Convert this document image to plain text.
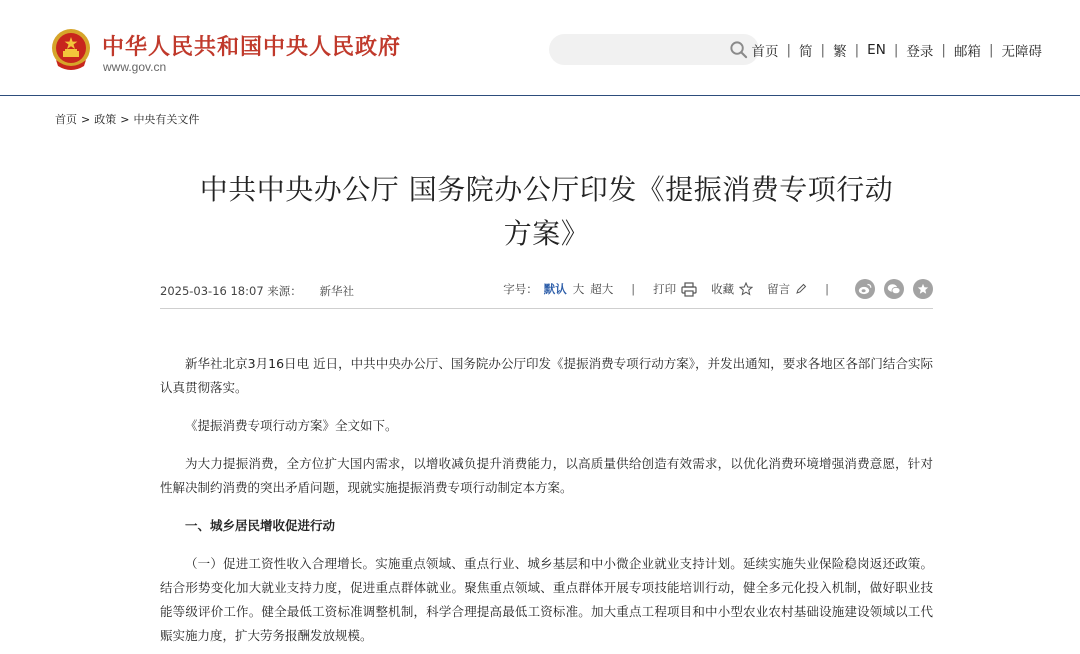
中华人民共和国中央人民政府
www.gov.cn
首页 | 简 | 繁 | EN | 登录 | 邮箱 | 无障碍
首页 > 政策 > 中央有关文件
中共中央办公厅 国务院办公厅印发《提振消费专项行动
方案》
2025-03-16 18:07 来源： 新华社	字号： 默认 大 超大 | 打印	收藏	留言	|

新华社北京3月16日电 近日，中共中央办公厅、国务院办公厅印发《提振消费专项行动方案》，并发出通知，要求各地区各部门结合实际认真贯彻落实。

《提振消费专项行动方案》全文如下。

为大力提振消费，全方位扩大国内需求，以增收减负提升消费能力，以高质量供给创造有效需求，以优化消费环境增强消费意愿，针对性解决制约消费的突出矛盾问题，现就实施提振消费专项行动制定本方案。

一、城乡居民增收促进行动

（一）促进工资性收入合理增长。实施重点领域、重点行业、城乡基层和中小微企业就业支持计划。延续实施失业保险稳岗返还政策。结合形势变化加大就业支持力度，促进重点群体就业。聚焦重点领域、重点群体开展专项技能培训行动，健全多元化投入机制，做好职业技能等级评价工作。健全最低工资标准调整机制，科学合理提高最低工资标准。加大重点工程项目和中小型农业农村基础设施建设领域以工代赈实施力度，扩大劳务报酬发放规模。
